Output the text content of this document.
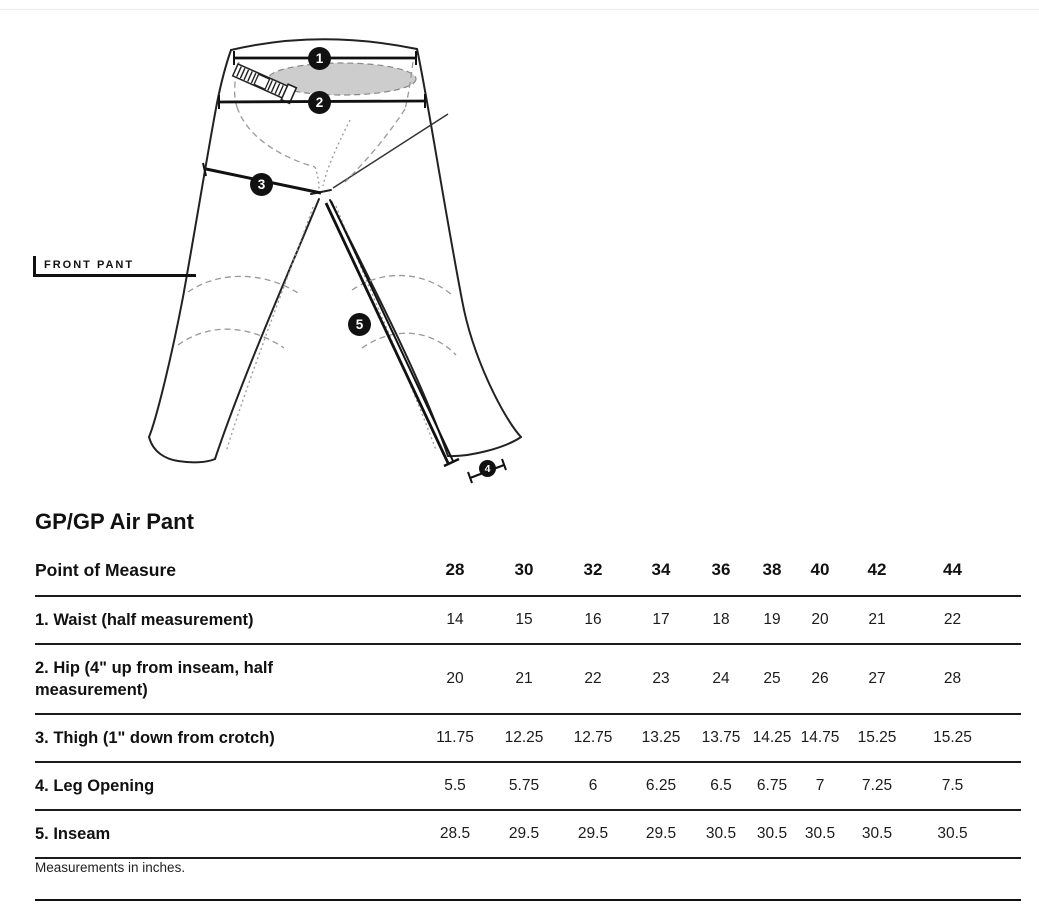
1
2
3
4
5
FRONT PANT
GP/GP Air Pant
Point of Measure	28	30	32	34	36	38	40	42	44

1. Waist (half measurement)	14	15	16	17	18	19	20	21	22

2. Hip (4" up from inseam, half measurement)	20	21	22	23	24	25	26	27	28

3. Thigh (1" down from crotch)	11.75	12.25	12.75	13.25	13.75	14.25	14.75	15.25	15.25

4. Leg Opening	5.5	5.75	6	6.25	6.5	6.75	7	7.25	7.5

5. Inseam	28.5	29.5	29.5	29.5	30.5	30.5	30.5	30.5	30.5
Measurements in inches.
